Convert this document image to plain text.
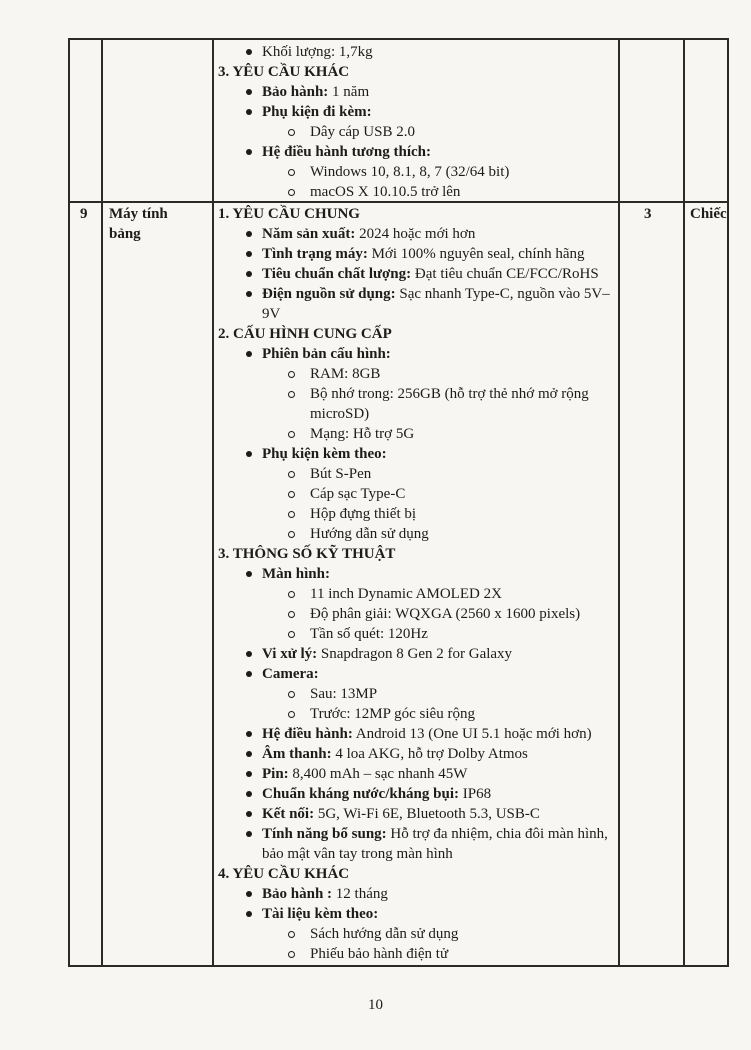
Khối lượng: 1,7kg
3. YÊU CẦU KHÁC
Bảo hành: 1 năm
Phụ kiện đi kèm:
Dây cáp USB 2.0
Hệ điều hành tương thích:
Windows 10, 8.1, 8, 7 (32/64 bit)
macOS X 10.10.5 trở lên
9 Máy tính
bảng
3	Chiếc
1. YÊU CẦU CHUNG
Năm sản xuất: 2024 hoặc mới hơn
Tình trạng máy: Mới 100% nguyên seal, chính hãng
Tiêu chuẩn chất lượng: Đạt tiêu chuẩn CE/FCC/RoHS
Điện nguồn sử dụng: Sạc nhanh Type-C, nguồn vào 5V–
9V
2. CẤU HÌNH CUNG CẤP
Phiên bản cấu hình:
RAM: 8GB
Bộ nhớ trong: 256GB (hỗ trợ thẻ nhớ mở rộng
microSD)
Mạng: Hỗ trợ 5G
Phụ kiện kèm theo:
Bút S-Pen
Cáp sạc Type-C
Hộp đựng thiết bị
Hướng dẫn sử dụng
3. THÔNG SỐ KỸ THUẬT
Màn hình:
11 inch Dynamic AMOLED 2X
Độ phân giải: WQXGA (2560 x 1600 pixels)
Tần số quét: 120Hz
Vi xử lý: Snapdragon 8 Gen 2 for Galaxy
Camera:
Sau: 13MP
Trước: 12MP góc siêu rộng
Hệ điều hành: Android 13 (One UI 5.1 hoặc mới hơn)
Âm thanh: 4 loa AKG, hỗ trợ Dolby Atmos
Pin: 8,400 mAh – sạc nhanh 45W
Chuẩn kháng nước/kháng bụi: IP68
Kết nối: 5G, Wi-Fi 6E, Bluetooth 5.3, USB-C
Tính năng bổ sung: Hỗ trợ đa nhiệm, chia đôi màn hình,
bảo mật vân tay trong màn hình
4. YÊU CẦU KHÁC
Bảo hành : 12 tháng
Tài liệu kèm theo:
Sách hướng dẫn sử dụng
Phiếu bảo hành điện tử
10
